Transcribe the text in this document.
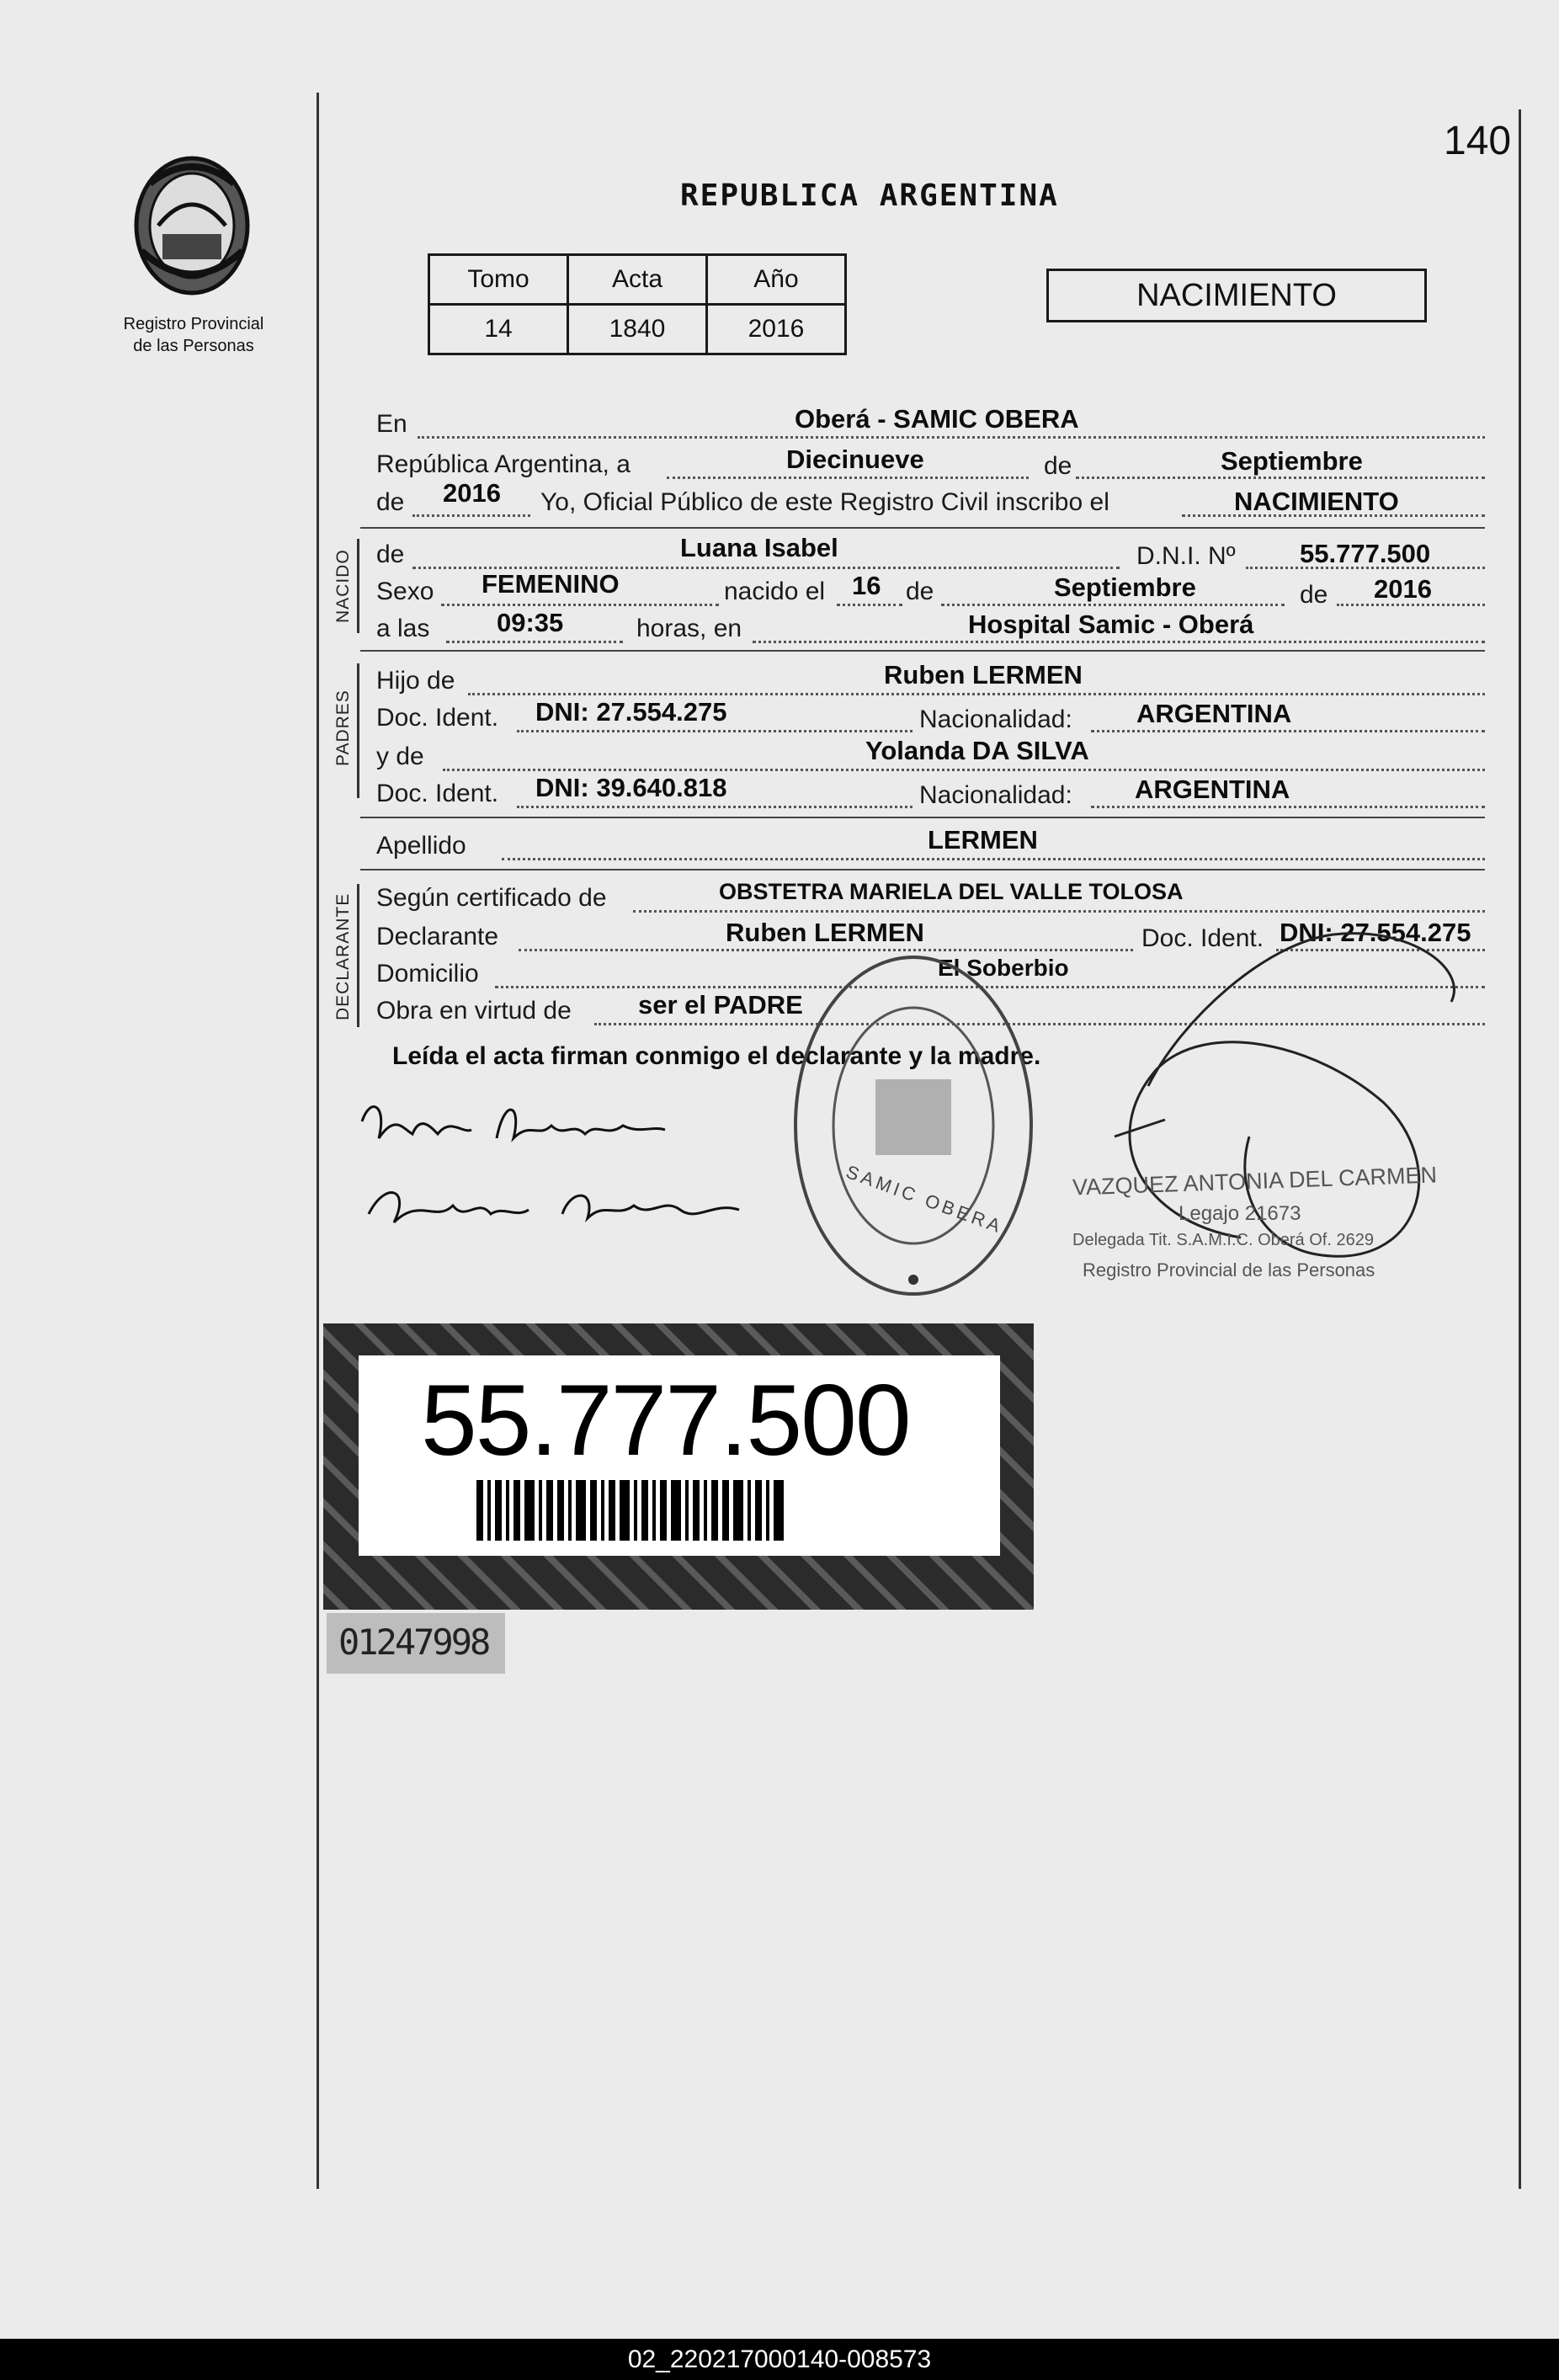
140
Registro Provincial
de las Personas
REPUBLICA ARGENTINA
Tomo	Acta	Año
14	1840	2016
NACIMIENTO
En	Oberá - SAMIC OBERA
República Argentina, a	Diecinueve	de	Septiembre
de 2016 Yo, Oficial Público de este Registro Civil inscribo el	NACIMIENTO
NACIDO de	Luana Isabel	D.N.I. Nº 55.777.500
Sexo FEMENINO	nacido el 16 de	Septiembre	de 2016
a las	09:35	horas, en	Hospital Samic - Oberá
PADRES
Hijo de	Ruben LERMEN
Doc. Ident. DNI: 27.554.275	Nacionalidad: ARGENTINA
y de	Yolanda DA SILVA
Doc. Ident. DNI: 39.640.818	Nacionalidad: ARGENTINA
Apellido	LERMEN
DECLARANTE Según certificado de	OBSTETRA MARIELA DEL VALLE TOLOSA
Declarante	Ruben LERMEN	Doc. Ident. DNI: 27.554.275
Domicilio	El Soberbio
Obra en virtud de	ser el PADRE
Leída el acta firman conmigo el declarante y la madre.
SAMIC OBERA	VAZQUEZ ANTONIA DEL CARMEN
Legajo 21673
Delegada Tit. S.A.M.I.C. Oberá Of. 2629
Registro Provincial de las Personas
55.777.500
01247998
02_220217000140-008573
